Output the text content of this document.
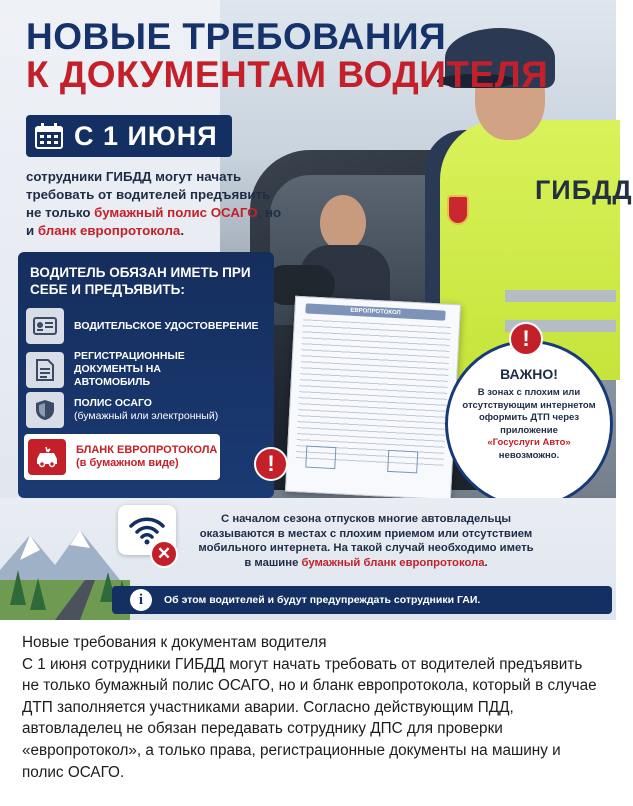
ГИБДД
НОВЫЕ ТРЕБОВАНИЯ
К ДОКУМЕНТАМ ВОДИТЕЛЯ
С 1 ИЮНЯ
сотрудники ГИБДД могут начать требовать от водителей предъявить не только бумажный полис ОСАГО, но и бланк европротокола.
ВОДИТЕЛЬ ОБЯЗАН ИМЕТЬ ПРИ СЕБЕ И ПРЕДЪЯВИТЬ:
ВОДИТЕЛЬСКОЕ УДОСТОВЕРЕНИЕ
РЕГИСТРАЦИОННЫЕ ДОКУМЕНТЫ НА АВТОМОБИЛЬ
ПОЛИС ОСАГО
(бумажный или электронный)
БЛАНК ЕВРОПРОТОКОЛА
(в бумажном виде)
ЕВРОПРОТОКОЛ
!
!
ВАЖНО!
В зонах с плохим или отсутствующим интернетом оформить ДТП через приложение
«Госуслуги Авто» невозможно.
✕
С началом сезона отпусков многие автовладельцы оказываются в местах с плохим приемом или отсутствием мобильного интернета. На такой случай необходимо иметь в машине бумажный бланк европротокола.
i	Об этом водителей и будут предупреждать сотрудники ГАИ.
Новые требования к документам водителя
С 1 июня сотрудники ГИБДД могут начать требовать от водителей предъявить не только бумажный полис ОСАГО, но и бланк европротокола, который в случае ДТП заполняется участниками аварии. Согласно действующим ПДД, автовладелец не обязан передавать сотруднику ДПС для проверки «европротокол», а только права, регистрационные документы на машину и полис ОСАГО.
